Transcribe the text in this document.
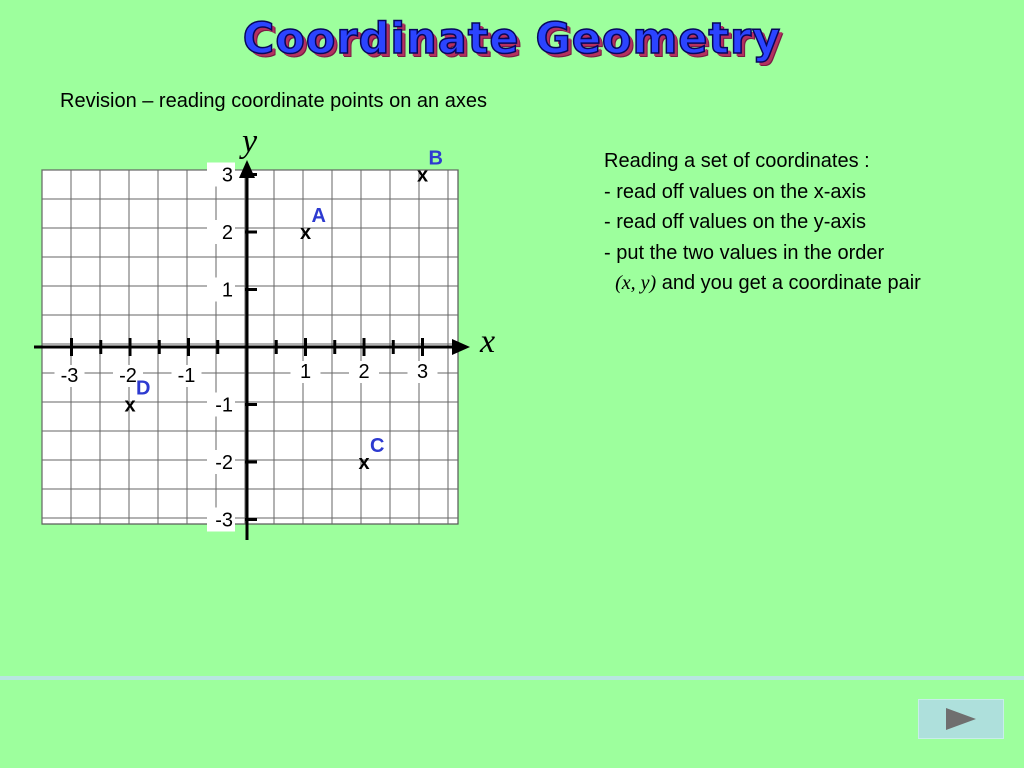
Coordinate Geometry
Revision – reading coordinate points on an axes
-3 -2 -1	1 2 3
3
2
1
-1
-2
-3
x
y
x
A
x
B
x
C
x
D
Reading a set of coordinates :
- read off values on the x-axis
- read off values on the y-axis
- put the two values in the order
(x, y) and you get a coordinate pair
